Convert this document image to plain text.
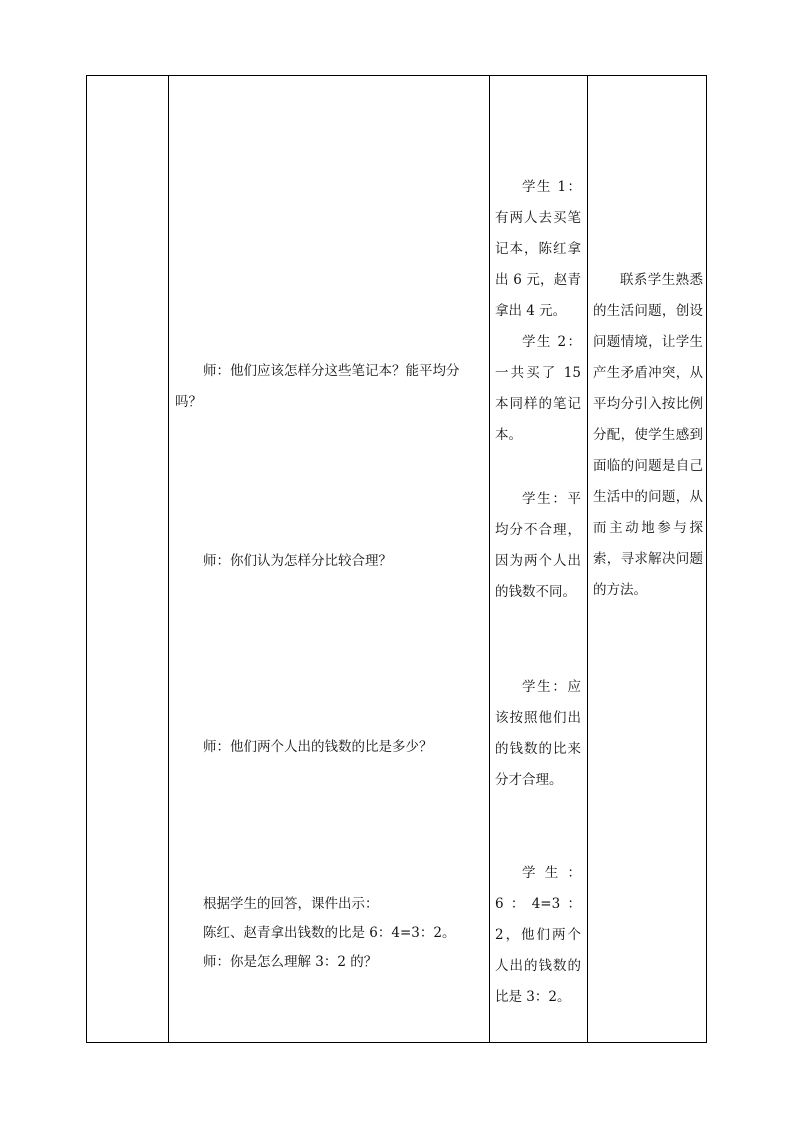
师：他们应该怎样分这些笔记本？能平均分

吗？

师：你们认为怎样分比较合理？
师：他们两个人出的钱数的比是多少？

根据学生的回答，课件出示：

陈红、赵青拿出钱数的比是 6：4=3：2。

师：你是怎么理解 3：2 的？

学生 1：有两人去买笔记本，陈红拿出 6 元，赵青拿出 4 元。
学生 2：一共买了 15 本同样的笔记本。
学生：平均分不合理，因为两个人出的钱数不同。
学生：应该按照他们出的钱数的比来分才合理。
学生：6：4=3：2，他们两个人出的钱数的比是 3：2。
联系学生熟悉的生活问题，创设问题情境，让学生产生矛盾冲突，从平均分引入按比例分配，使学生感到面临的问题是自己生活中的问题，从而主动地参与探索，寻求解决问题的方法。
